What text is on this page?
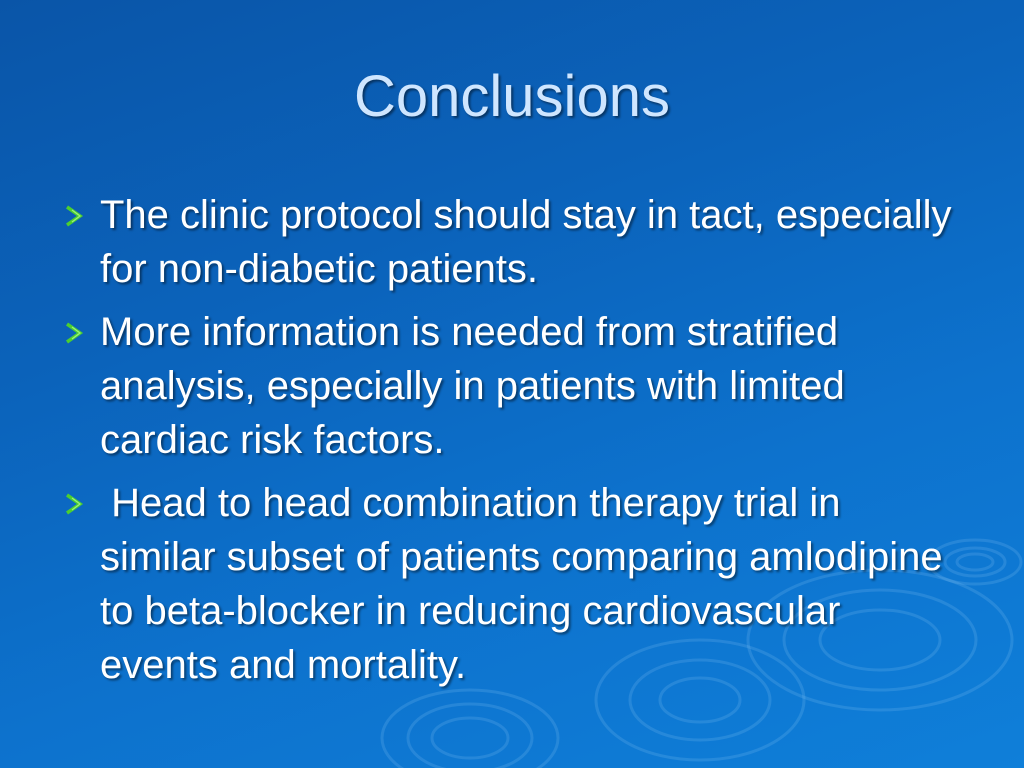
Conclusions
The clinic protocol should stay in tact, especially for non-diabetic patients.
More information is needed from stratified analysis, especially in patients with limited cardiac risk factors.
Head to head combination therapy trial in similar subset of patients comparing amlodipine to beta-blocker in reducing cardiovascular events and mortality.
